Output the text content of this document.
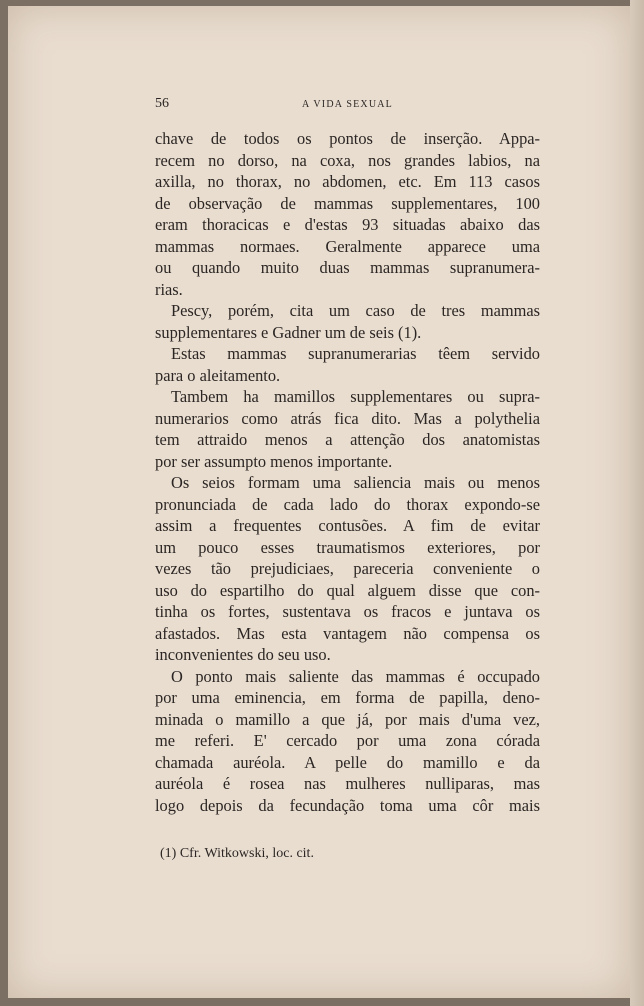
56	A VIDA SEXUAL
chave de todos os pontos de inserção. Appa-
recem no dorso, na coxa, nos grandes labios, na
axilla, no thorax, no abdomen, etc. Em 113 casos
de observação de mammas supplementares, 100
eram thoracicas e d'estas 93 situadas abaixo das
mammas normaes. Geralmente apparece uma
ou quando muito duas mammas supranumera-
rias.
Pescy, porém, cita um caso de tres mammas
supplementares e Gadner um de seis (1).
Estas mammas supranumerarias têem servido
para o aleitamento.
Tambem ha mamillos supplementares ou supra-
numerarios como atrás fica dito. Mas a polythelia
tem attraido menos a attenção dos anatomistas
por ser assumpto menos importante.
Os seios formam uma saliencia mais ou menos
pronunciada de cada lado do thorax expondo-se
assim a frequentes contusões. A fim de evitar
um pouco esses traumatismos exteriores, por
vezes tão prejudiciaes, pareceria conveniente o
uso do espartilho do qual alguem disse que con-
tinha os fortes, sustentava os fracos e juntava os
afastados. Mas esta vantagem não compensa os
inconvenientes do seu uso.
O ponto mais saliente das mammas é occupado
por uma eminencia, em forma de papilla, deno-
minada o mamillo a que já, por mais d'uma vez,
me referi. E' cercado por uma zona córada
chamada auréola. A pelle do mamillo e da
auréola é rosea nas mulheres nulliparas, mas
logo depois da fecundação toma uma côr mais
(1) Cfr. Witkowski, loc. cit.
